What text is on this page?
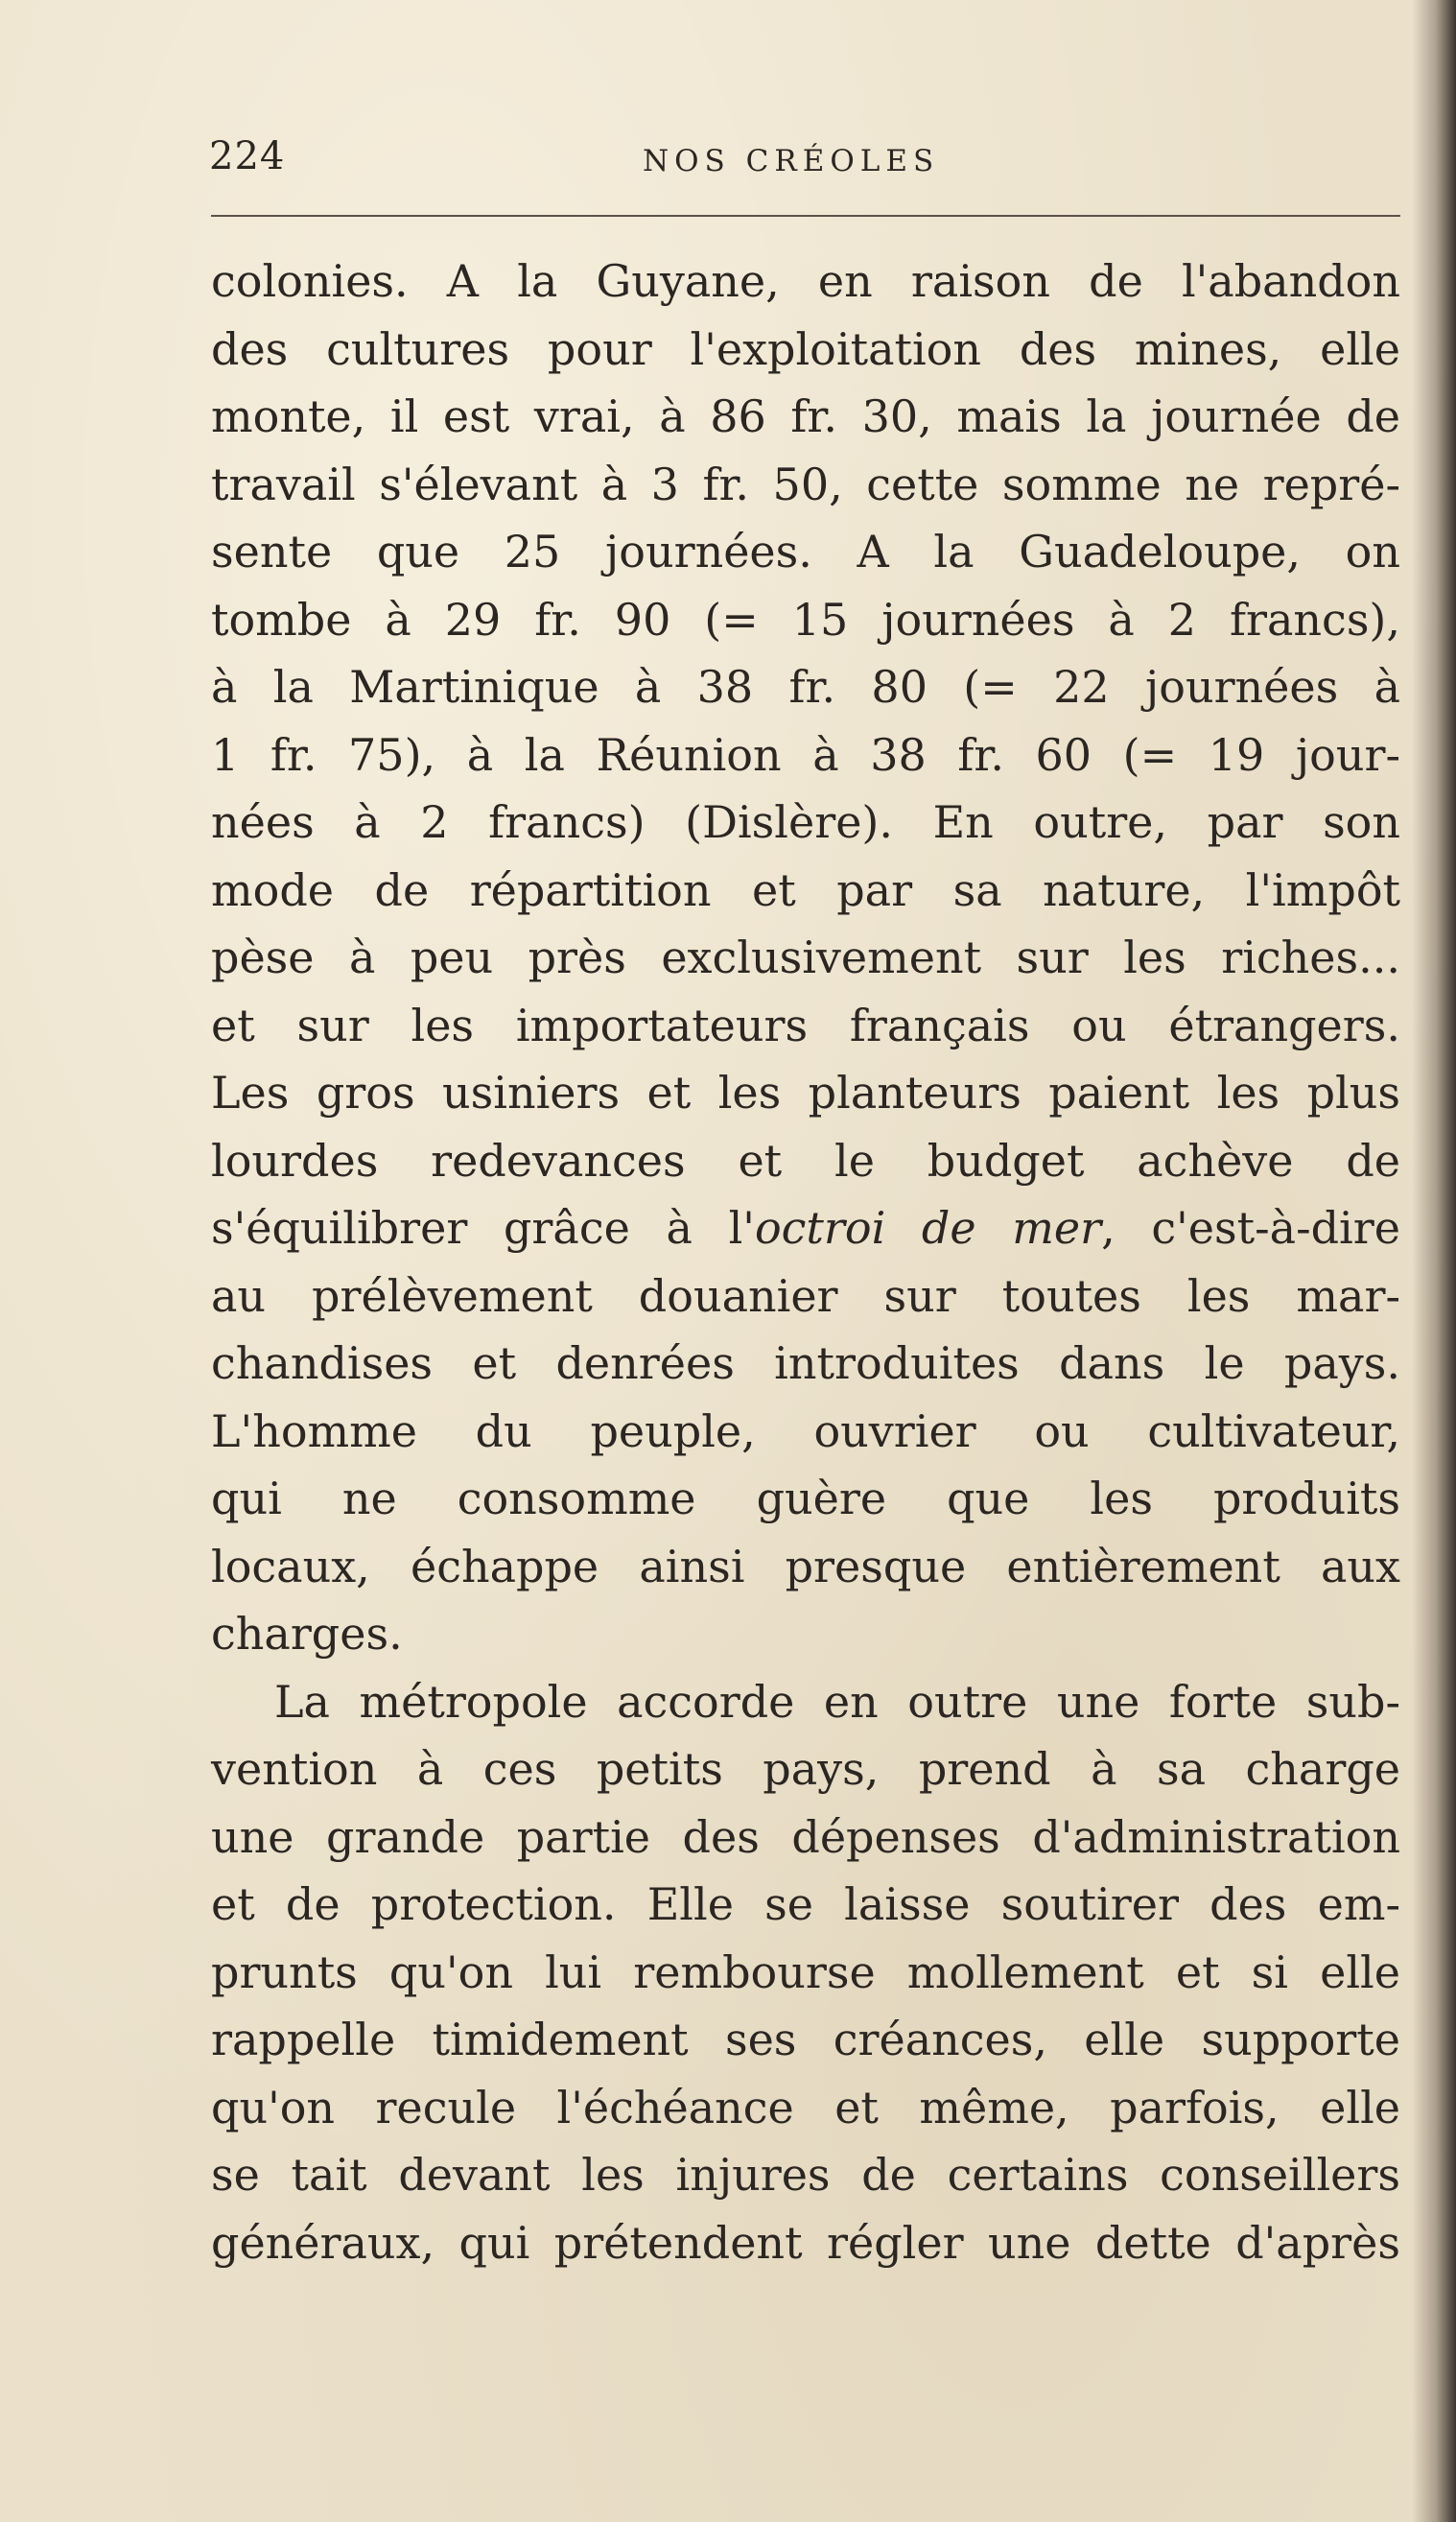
224	NOS CRÉOLES
colonies. A la Guyane, en raison de l'abandon
des cultures pour l'exploitation des mines, elle
monte, il est vrai, à 86 fr. 30, mais la journée de
travail s'élevant à 3 fr. 50, cette somme ne repré-
sente que 25 journées. A la Guadeloupe, on
tombe à 29 fr. 90 (= 15 journées à 2 francs),
à la Martinique à 38 fr. 80 (= 22 journées à
1 fr. 75), à la Réunion à 38 fr. 60 (= 19 jour-
nées à 2 francs) (Dislère). En outre, par son
mode de répartition et par sa nature, l'impôt
pèse à peu près exclusivement sur les riches...
et sur les importateurs français ou étrangers.
Les gros usiniers et les planteurs paient les plus
lourdes redevances et le budget achève de
s'équilibrer grâce à l'octroi de mer, c'est-à-dire
au prélèvement douanier sur toutes les mar-
chandises et denrées introduites dans le pays.
L'homme du peuple, ouvrier ou cultivateur,
qui ne consomme guère que les produits
locaux, échappe ainsi presque entièrement aux
charges.
La métropole accorde en outre une forte sub-
vention à ces petits pays, prend à sa charge
une grande partie des dépenses d'administration
et de protection. Elle se laisse soutirer des em-
prunts qu'on lui rembourse mollement et si elle
rappelle timidement ses créances, elle supporte
qu'on recule l'échéance et même, parfois, elle
se tait devant les injures de certains conseillers
généraux, qui prétendent régler une dette d'après
